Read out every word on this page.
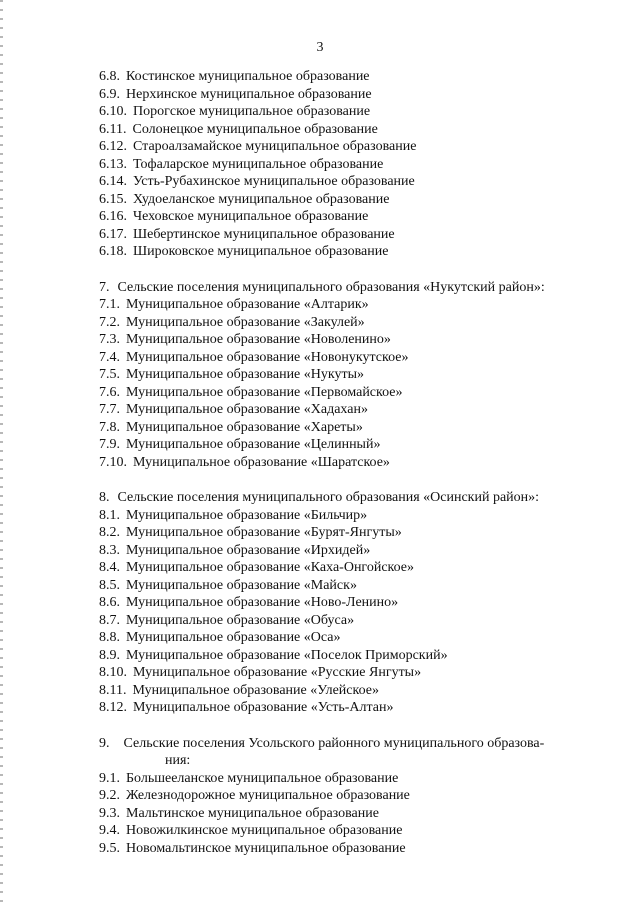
3
6.8. Костинское муниципальное образование
6.9. Нерхинское муниципальное образование
6.10. Порогское муниципальное образование
6.11. Солонецкое муниципальное образование
6.12. Староалзамайское муниципальное образование
6.13. Тофаларское муниципальное образование
6.14. Усть-Рубахинское муниципальное образование
6.15. Худоеланское муниципальное образование
6.16. Чеховское муниципальное образование
6.17. Шебертинское муниципальное образование
6.18. Широковское муниципальное образование
7. Сельские поселения муниципального образования «Нукутский район»:
7.1. Муниципальное образование «Алтарик»
7.2. Муниципальное образование «Закулей»
7.3. Муниципальное образование «Новоленино»
7.4. Муниципальное образование «Новонукутское»
7.5. Муниципальное образование «Нукуты»
7.6. Муниципальное образование «Первомайское»
7.7. Муниципальное образование «Хадахан»
7.8. Муниципальное образование «Хареты»
7.9. Муниципальное образование «Целинный»
7.10. Муниципальное образование «Шаратское»
8. Сельские поселения муниципального образования «Осинский район»:
8.1. Муниципальное образование «Бильчир»
8.2. Муниципальное образование «Бурят-Янгуты»
8.3. Муниципальное образование «Ирхидей»
8.4. Муниципальное образование «Каха-Онгойское»
8.5. Муниципальное образование «Майск»
8.6. Муниципальное образование «Ново-Ленино»
8.7. Муниципальное образование «Обуса»
8.8. Муниципальное образование «Оса»
8.9. Муниципальное образование «Поселок Приморский»
8.10. Муниципальное образование «Русские Янгуты»
8.11. Муниципальное образование «Улейское»
8.12. Муниципальное образование «Усть-Алтан»
9. Сельские поселения Усольского районного муниципального образова-
ния:
9.1. Большееланское муниципальное образование
9.2. Железнодорожное муниципальное образование
9.3. Мальтинское муниципальное образование
9.4. Новожилкинское муниципальное образование
9.5. Новомальтинское муниципальное образование
